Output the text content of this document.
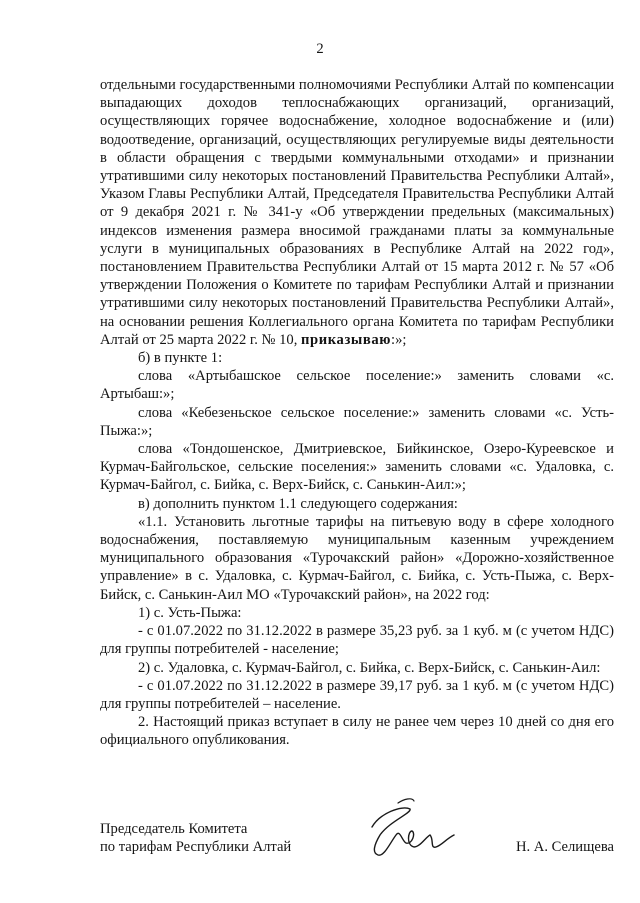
2

отдельными государственными полномочиями Республики Алтай по компенсации выпадающих доходов теплоснабжающих организаций, организаций, осуществляющих горячее водоснабжение, холодное водоснабжение и (или) водоотведение, организаций, осуществляющих регулируемые виды деятельности в области обращения с твердыми коммунальными отходами» и признании утратившими силу некоторых постановлений Правительства Республики Алтай», Указом Главы Республики Алтай, Председателя Правительства Республики Алтай от 9 декабря 2021 г. № 341-у «Об утверждении предельных (максимальных) индексов изменения размера вносимой гражданами платы за коммунальные услуги в муниципальных образованиях в Республике Алтай на 2022 год», постановлением Правительства Республики Алтай от 15 марта 2012 г. № 57 «Об утверждении Положения о Комитете по тарифам Республики Алтай и признании утратившими силу некоторых постановлений Правительства Республики Алтай», на основании решения Коллегиального органа Комитета по тарифам Республики Алтай от 25 марта 2022 г. № 10, приказываю:»;

б) в пункте 1:

слова «Артыбашское сельское поселение:» заменить словами «с. Артыбаш:»;

слова «Кебезеньское сельское поселение:» заменить словами «с. Усть-Пыжа:»;

слова «Тондошенское, Дмитриевское, Бийкинское, Озеро-Куреевское и Курмач-Байгольское, сельские поселения:» заменить словами «с. Удаловка, с. Курмач-Байгол, с. Бийка, с. Верх-Бийск, с. Санькин-Аил:»;

в) дополнить пунктом 1.1 следующего содержания:

«1.1. Установить льготные тарифы на питьевую воду в сфере холодного водоснабжения, поставляемую муниципальным казенным учреждением муниципального образования «Турочакский район» «Дорожно-хозяйственное управление» в с. Удаловка, с. Курмач-Байгол, с. Бийка, с. Усть-Пыжа, с. Верх-Бийск, с. Санькин-Аил МО «Турочакский район», на 2022 год:

1) с. Усть-Пыжа:

- с 01.07.2022 по 31.12.2022 в размере 35,23 руб. за 1 куб. м (с учетом НДС) для группы потребителей - население;

2) с. Удаловка, с. Курмач-Байгол, с. Бийка, с. Верх-Бийск, с. Санькин-Аил:

- с 01.07.2022 по 31.12.2022 в размере 39,17 руб. за 1 куб. м (с учетом НДС) для группы потребителей – население.

2. Настоящий приказ вступает в силу не ранее чем через 10 дней со дня его официального опубликования.

Председатель Комитета
по тарифам Республики Алтай	Н. А. Селищева
